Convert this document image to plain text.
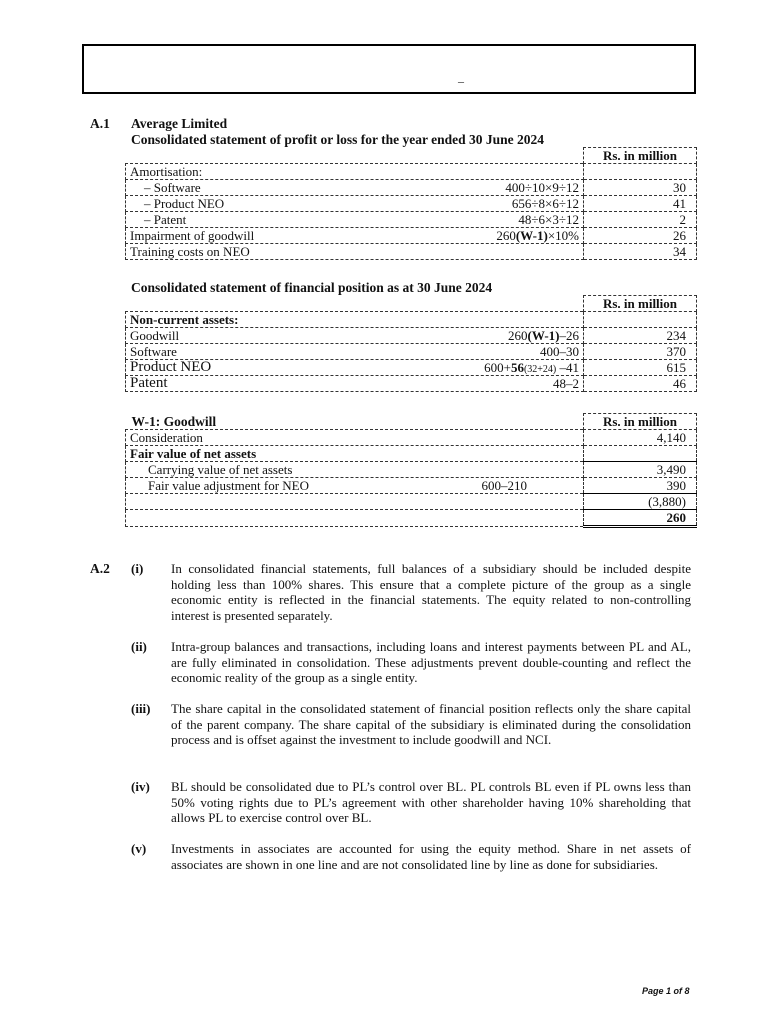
–
A.1 Average Limited
Consolidated statement of profit or loss for the year ended 30 June 2024
	Rs. in million
Amortisation:	
– Software 400÷10×9÷12	30
– Product NEO 656÷8×6÷12	41
– Patent 48÷6×3÷12	2
Impairment of goodwill 260(W-1)×10%	26
Training costs on NEO	34
Consolidated statement of financial position as at 30 June 2024
	Rs. in million
Non-current assets:	
Goodwill 260(W-1)–26	234
Software 400–30	370
Product NEO 600+56(32+24) –41	615
Patent 48–2	46
W-1: Goodwill	Rs. in million
Consideration	4,140
Fair value of net assets	
Carrying value of net assets	3,490
Fair value adjustment for NEO 600–210	390
	(3,880)
	260
A.2 (i) In consolidated financial statements, full balances of a subsidiary should be included despite holding less than 100% shares. This ensure that a complete picture of the group as a single economic entity is reflected in the financial statements. The equity related to non-controlling interest is presented separately.
(ii) Intra-group balances and transactions, including loans and interest payments between PL and AL, are fully eliminated in consolidation. These adjustments prevent double-counting and reflect the economic reality of the group as a single entity.
(iii) The share capital in the consolidated statement of financial position reflects only the share capital of the parent company. The share capital of the subsidiary is eliminated during the consolidation process and is offset against the investment to include goodwill and NCI.
(iv) BL should be consolidated due to PL’s control over BL. PL controls BL even if PL owns less than 50% voting rights due to PL’s agreement with other shareholder having 10% shareholding that allows PL to exercise control over BL.
(v) Investments in associates are accounted for using the equity method. Share in net assets of associates are shown in one line and are not consolidated line by line as done for subsidiaries.
Page 1 of 8
